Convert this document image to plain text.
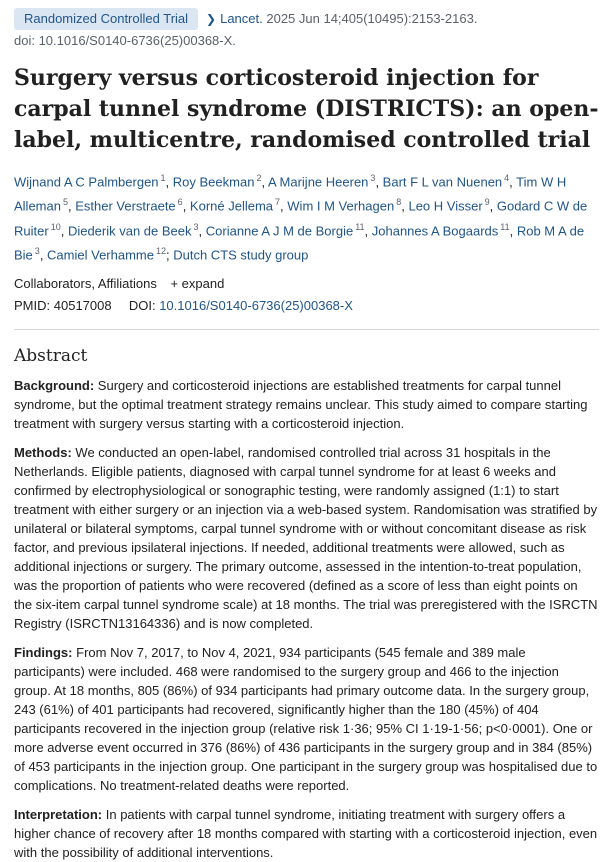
Randomized Controlled Trial	❯ Lancet. 2025 Jun 14;405(10495):2153-2163.
doi: 10.1016/S0140-6736(25)00368-X.
Surgery versus corticosteroid injection for carpal tunnel syndrome (DISTRICTS): an open-label, multicentre, randomised controlled trial
Wijnand A C Palmbergen $^1$, Roy Beekman $^2$, A Marijne Heeren $^3$, Bart F L van Nuenen $^4$, Tim W H Alleman $^5$, Esther Verstraete $^6$, Korné Jellema $^7$, Wim I M Verhagen $^8$, Leo H Visser $^9$, Godard C W de Ruiter $^{10}$, Diederik van de Beek $^3$, Corianne A J M de Borgie $^{11}$, Johannes A Bogaards $^{11}$, Rob M A de Bie $^3$, Camiel Verhamme $^{12}$; Dutch CTS study group
Collaborators, Affiliations + expand
PMID: 40517008 DOI: 10.1016/S0140-6736(25)00368-X
Abstract

Background: Surgery and corticosteroid injections are established treatments for carpal tunnel syndrome, but the optimal treatment strategy remains unclear. This study aimed to compare starting treatment with surgery versus starting with a corticosteroid injection.

Methods: We conducted an open-label, randomised controlled trial across 31 hospitals in the Netherlands. Eligible patients, diagnosed with carpal tunnel syndrome for at least 6 weeks and confirmed by electrophysiological or sonographic testing, were randomly assigned (1:1) to start treatment with either surgery or an injection via a web-based system. Randomisation was stratified by unilateral or bilateral symptoms, carpal tunnel syndrome with or without concomitant disease as risk factor, and previous ipsilateral injections. If needed, additional treatments were allowed, such as additional injections or surgery. The primary outcome, assessed in the intention-to-treat population, was the proportion of patients who were recovered (defined as a score of less than eight points on the six-item carpal tunnel syndrome scale) at 18 months. The trial was preregistered with the ISRCTN Registry (ISRCTN13164336) and is now completed.

Findings: From Nov 7, 2017, to Nov 4, 2021, 934 participants (545 female and 389 male participants) were included. 468 were randomised to the surgery group and 466 to the injection group. At 18 months, 805 (86%) of 934 participants had primary outcome data. In the surgery group, 243 (61%) of 401 participants had recovered, significantly higher than the 180 (45%) of 404 participants recovered in the injection group (relative risk 1·36; 95% CI 1·19-1·56; p<0·0001). One or more adverse event occurred in 376 (86%) of 436 participants in the surgery group and in 384 (85%) of 453 participants in the injection group. One participant in the surgery group was hospitalised due to complications. No treatment-related deaths were reported.

Interpretation: In patients with carpal tunnel syndrome, initiating treatment with surgery offers a higher chance of recovery after 18 months compared with starting with a corticosteroid injection, even with the possibility of additional interventions.
